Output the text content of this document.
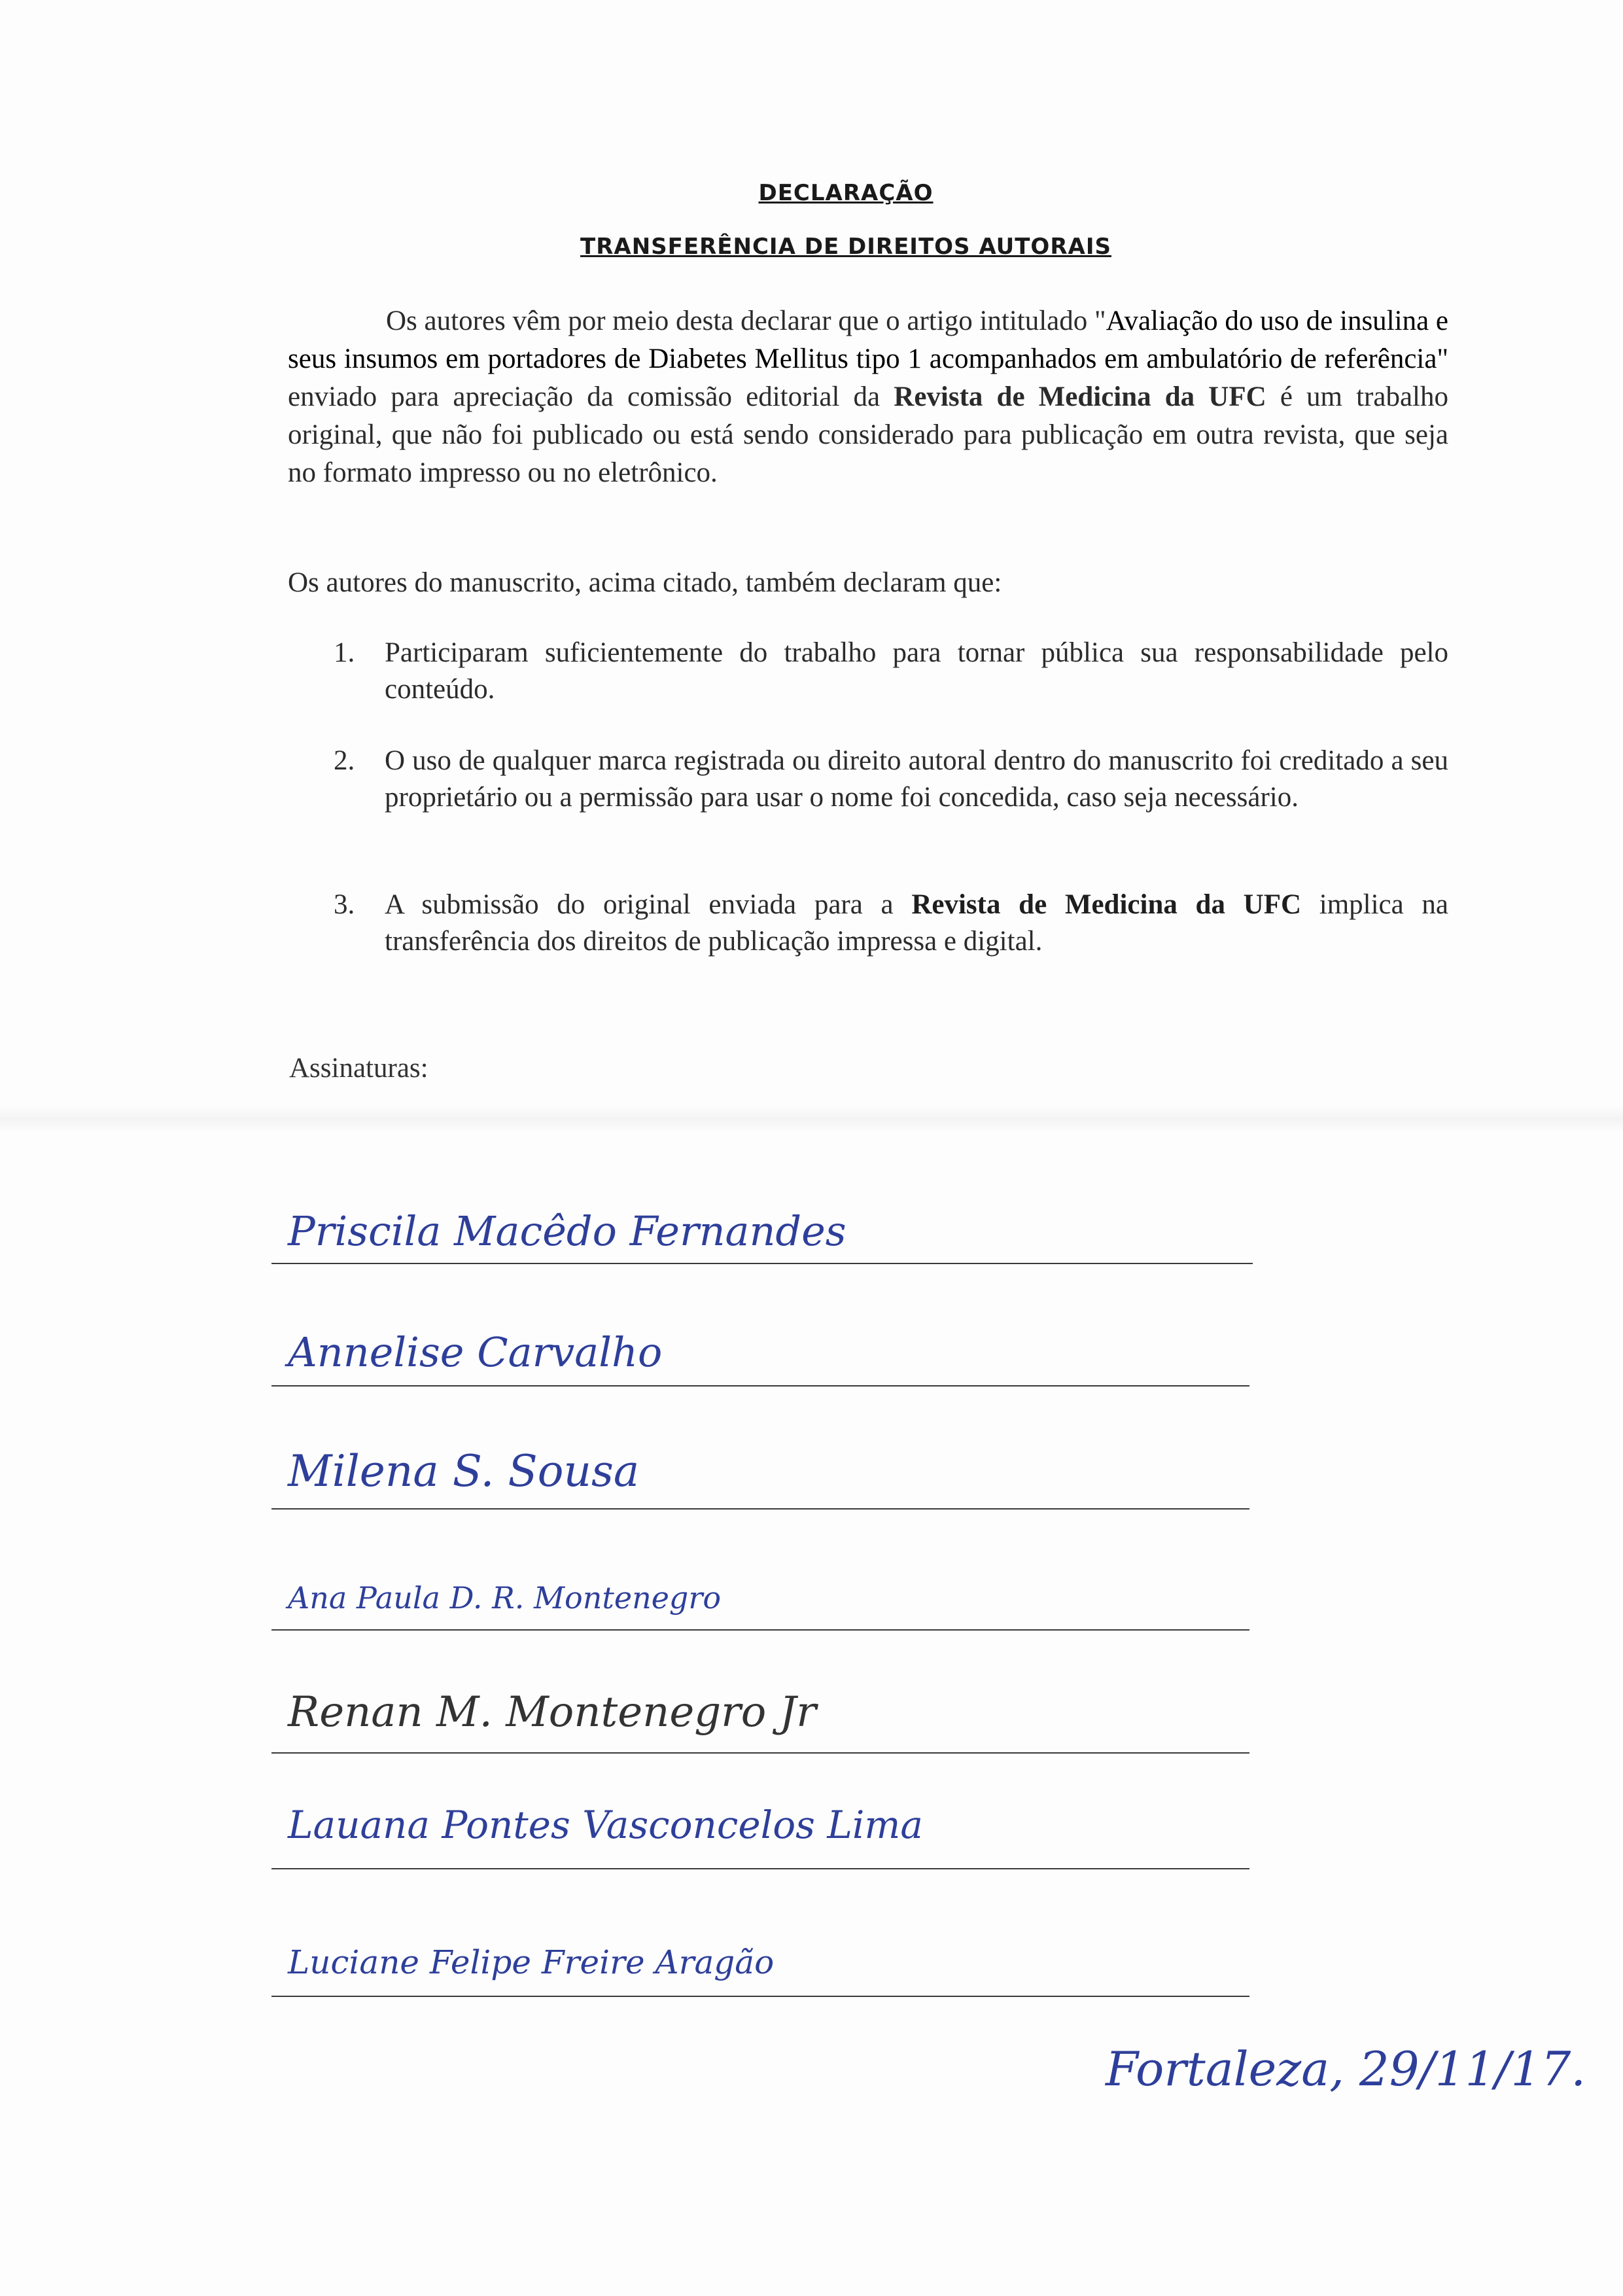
DECLARAÇÃO
TRANSFERÊNCIA DE DIREITOS AUTORAIS
Os autores vêm por meio desta declarar que o artigo intitulado "Avaliação do uso de insulina e seus insumos em portadores de Diabetes Mellitus tipo 1 acompanhados em ambulatório de referência" enviado para apreciação da comissão editorial da Revista de Medicina da UFC é um trabalho original, que não foi publicado ou está sendo considerado para publicação em outra revista, que seja no formato impresso ou no eletrônico.
Os autores do manuscrito, acima citado, também declaram que:
1.	Participaram suficientemente do trabalho para tornar pública sua responsabilidade pelo conteúdo.
2.	O uso de qualquer marca registrada ou direito autoral dentro do manuscrito foi creditado a seu proprietário ou a permissão para usar o nome foi concedida, caso seja necessário.
3.	A submissão do original enviada para a Revista de Medicina da UFC implica na transferência dos direitos de publicação impressa e digital.
Assinaturas:
Priscila Macêdo Fernandes
Annelise Carvalho
Milena S. Sousa
Ana Paula D. R. Montenegro
Renan M. Montenegro Jr
Lauana Pontes Vasconcelos Lima
Luciane Felipe Freire Aragão
Fortaleza, 29/11/17.
